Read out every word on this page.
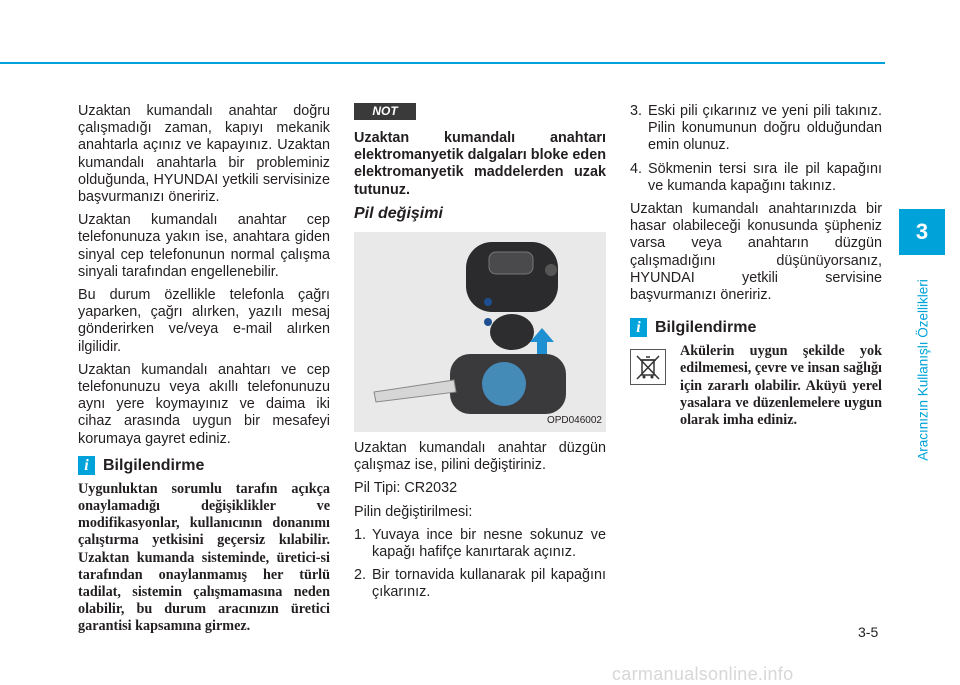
Uzaktan kumandalı anahtar doğru çalışmadığı zaman, kapıyı mekanik anahtarla açınız ve kapayınız. Uzaktan kumandalı anahtarla bir probleminiz olduğunda, HYUNDAI yetkili servisinize başvurmanızı öneririz.

Uzaktan kumandalı anahtar cep telefonunuza yakın ise, anahtara giden sinyal cep telefonunun normal çalışma sinyali tarafından engellenebilir.

Bu durum özellikle telefonla çağrı yaparken, çağrı alırken, yazılı mesaj gönderirken ve/veya e-mail alırken ilgilidir.

Uzaktan kumandalı anahtarı ve cep telefonunuzu veya akıllı telefonunuzu aynı yere koymayınız ve daima iki cihaz arasında uygun bir mesafeyi korumaya gayret ediniz.

i Bilgilendirme
Uygunluktan sorumlu tarafın açıkça onaylamadığı değişiklikler ve modifikasyonlar, kullanıcının donanımı çalıştırma yetkisini geçersiz kılabilir. Uzaktan kumanda sisteminde, üretici-si tarafından onaylanmamış her türlü tadilat, sistemin çalışmamasına neden olabilir, bu durum aracınızın üretici garantisi kapsamına girmez.
NOT

Uzaktan kumandalı anahtarı elektromanyetik dalgaları bloke eden elektromanyetik maddelerden uzak tutunuz.

Pil değişimi
OPD046002

Uzaktan kumandalı anahtar düzgün çalışmaz ise, pilini değiştiriniz.

Pil Tipi: CR2032

Pilin değiştirilmesi:

1. Yuvaya ince bir nesne sokunuz ve kapağı hafifçe kanırtarak açınız.
2. Bir tornavida kullanarak pil kapağını çıkarınız.
3. Eski pili çıkarınız ve yeni pili takınız. Pilin konumunun doğru olduğundan emin olunuz.
4. Sökmenin tersi sıra ile pil kapağını ve kumanda kapağını takınız.

Uzaktan kumandalı anahtarınızda bir hasar olabileceği konusunda şüpheniz varsa veya anahtarın düzgün çalışmadığını düşünüyorsanız, HYUNDAI yetkili servisine başvurmanızı öneririz.

i Bilgilendirme
Akülerin uygun şekilde yok edilmemesi, çevre ve insan sağlığı için zararlı olabilir. Aküyü yerel yasalara ve düzenlemelere uygun olarak imha ediniz.
3
Aracınızın Kullanışlı Özellikleri
3-5
carmanualsonline.info
